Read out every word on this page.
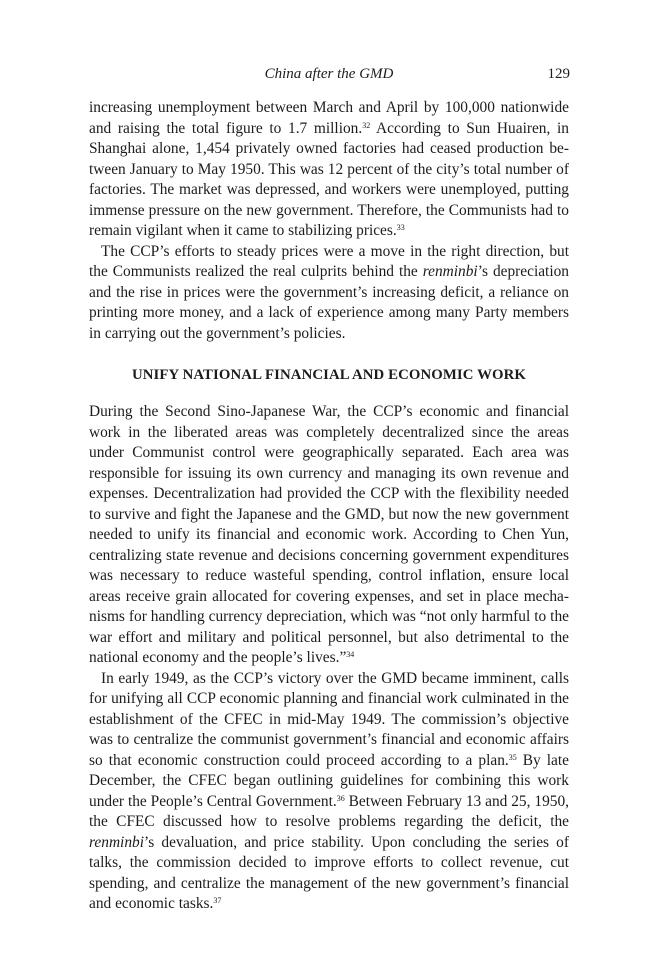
China after the GMD	129

increasing unemployment between March and April by 100,000 nationwide and raising the total figure to 1.7 million.$^{32}$ According to Sun Huairen, in Shanghai alone, 1,454 privately owned factories had ceased production between January to May 1950. This was 12 percent of the city’s total number of factories. The market was depressed, and workers were unemployed, putting immense pressure on the new government. Therefore, the Communists had to remain vigilant when it came to stabilizing prices.$^{33}$

The CCP’s efforts to steady prices were a move in the right direction, but the Communists realized the real culprits behind the renminbi’s depreciation and the rise in prices were the government’s increasing deficit, a reliance on printing more money, and a lack of experience among many Party members in carrying out the government’s policies.

UNIFY NATIONAL FINANCIAL AND ECONOMIC WORK

During the Second Sino-Japanese War, the CCP’s economic and financial work in the liberated areas was completely decentralized since the areas under Communist control were geographically separated. Each area was responsible for issuing its own currency and managing its own revenue and expenses. Decentralization had provided the CCP with the flexibility needed to survive and fight the Japanese and the GMD, but now the new government needed to unify its financial and economic work. According to Chen Yun, centralizing state revenue and decisions concerning government expenditures was necessary to reduce wasteful spending, control inflation, ensure local areas receive grain allocated for covering expenses, and set in place mechanisms for handling currency depreciation, which was “not only harmful to the war effort and military and political personnel, but also detrimental to the national economy and the people’s lives.”$^{34}$

In early 1949, as the CCP’s victory over the GMD became imminent, calls for unifying all CCP economic planning and financial work culminated in the establishment of the CFEC in mid-May 1949. The commission’s objective was to centralize the communist government’s financial and economic affairs so that economic construction could proceed according to a plan.$^{35}$ By late December, the CFEC began outlining guidelines for combining this work under the People’s Central Government.$^{36}$ Between February 13 and 25, 1950, the CFEC discussed how to resolve problems regarding the deficit, the renminbi’s devaluation, and price stability. Upon concluding the series of talks, the commission decided to improve efforts to collect revenue, cut spending, and centralize the management of the new government’s financial and economic tasks.$^{37}$
